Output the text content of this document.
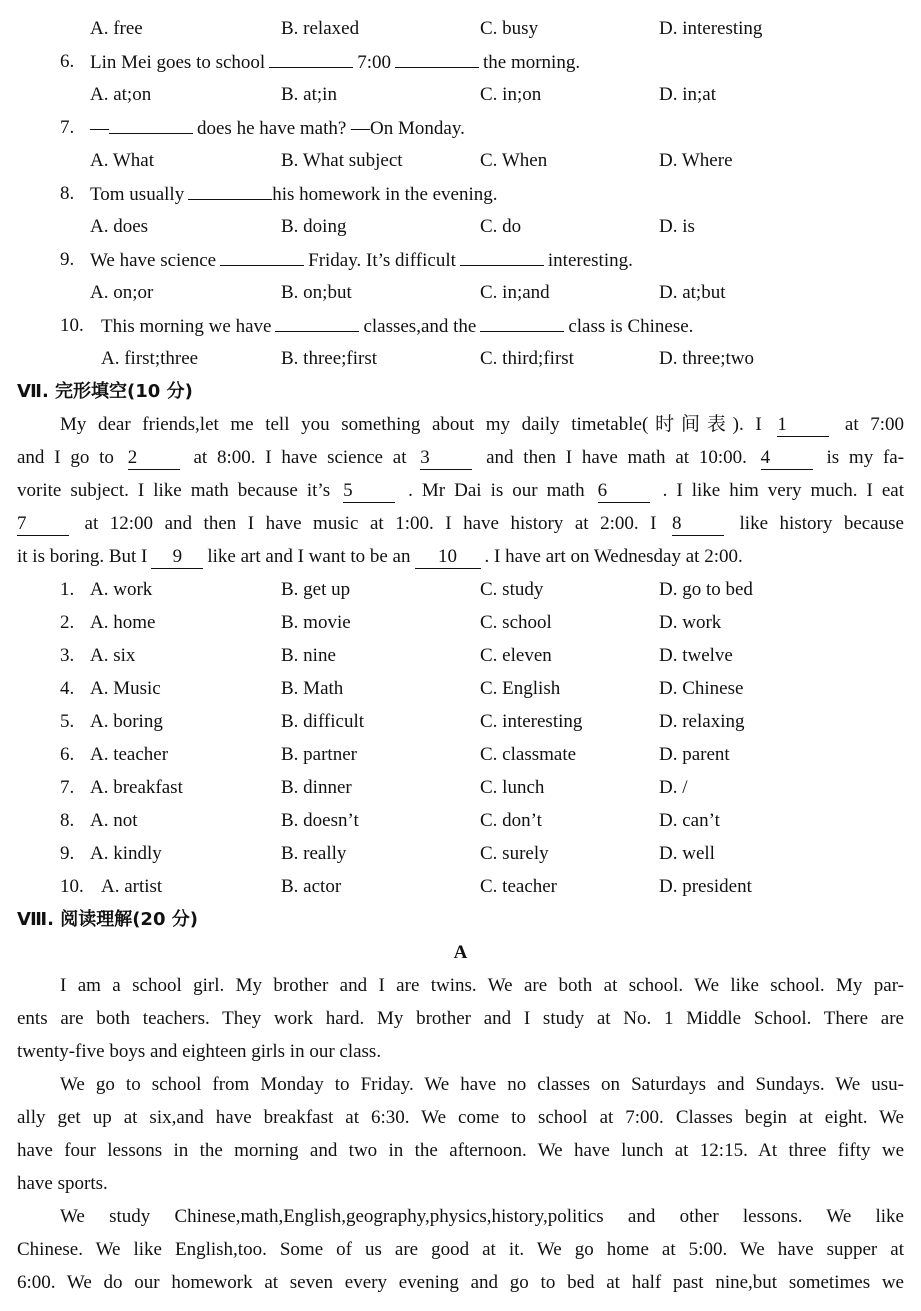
A. free	B. relaxed	C. busy	D. interesting
6. Lin Mei goes to school	7:00	the morning.
A. at;on	B. at;in	C. in;on	D. in;at
7. —	does he have math? —On Monday.
A. What	B. What subject	C. When	D. Where
8. Tom usually	his homework in the evening.
A. does	B. doing	C. do	D. is
9. We have science	Friday. It’s difficult	interesting.
A. on;or	B. on;but	C. in;and	D. at;but
10. This morning we have	classes,and the	class is Chinese.
A. first;three	B. three;first	C. third;first	D. three;two
Ⅶ. 完形填空(10 分)
My dear friends,let me tell you something about my daily timetable(时间表). I 1	at 7:00
and I go to 2	at 8:00. I have science at 3	and then I have math at 10:00. 4	is my fa-
vorite subject. I like math because it’s 5	. Mr Dai is our math 6	. I like him very much. I eat
7	at 12:00 and then I have music at 1:00. I have history at 2:00. I 8	like history because
it is boring. But I 9 like art and I want to be an 10 . I have art on Wednesday at 2:00.
1. A. work	B. get up	C. study	D. go to bed
2. A. home	B. movie	C. school	D. work
3. A. six	B. nine	C. eleven	D. twelve
4. A. Music	B. Math	C. English	D. Chinese
5. A. boring	B. difficult	C. interesting	D. relaxing
6. A. teacher	B. partner	C. classmate	D. parent
7. A. breakfast	B. dinner	C. lunch	D. /
8. A. not	B. doesn’t	C. don’t	D. can’t
9. A. kindly	B. really	C. surely	D. well
10. A. artist	B. actor	C. teacher	D. president
Ⅷ. 阅读理解(20 分)
A
I am a school girl. My brother and I are twins. We are both at school. We like school. My par-
ents are both teachers. They work hard. My brother and I study at No. 1 Middle School. There are
twenty-five boys and eighteen girls in our class.
We go to school from Monday to Friday. We have no classes on Saturdays and Sundays. We usu-
ally get up at six,and have breakfast at 6:30. We come to school at 7:00. Classes begin at eight. We
have four lessons in the morning and two in the afternoon. We have lunch at 12:15. At three fifty we
have sports.
We study Chinese,math,English,geography,physics,history,politics and other lessons. We like
Chinese. We like English,too. Some of us are good at it. We go home at 5:00. We have supper at
6:00. We do our homework at seven every evening and go to bed at half past nine,but sometimes we
